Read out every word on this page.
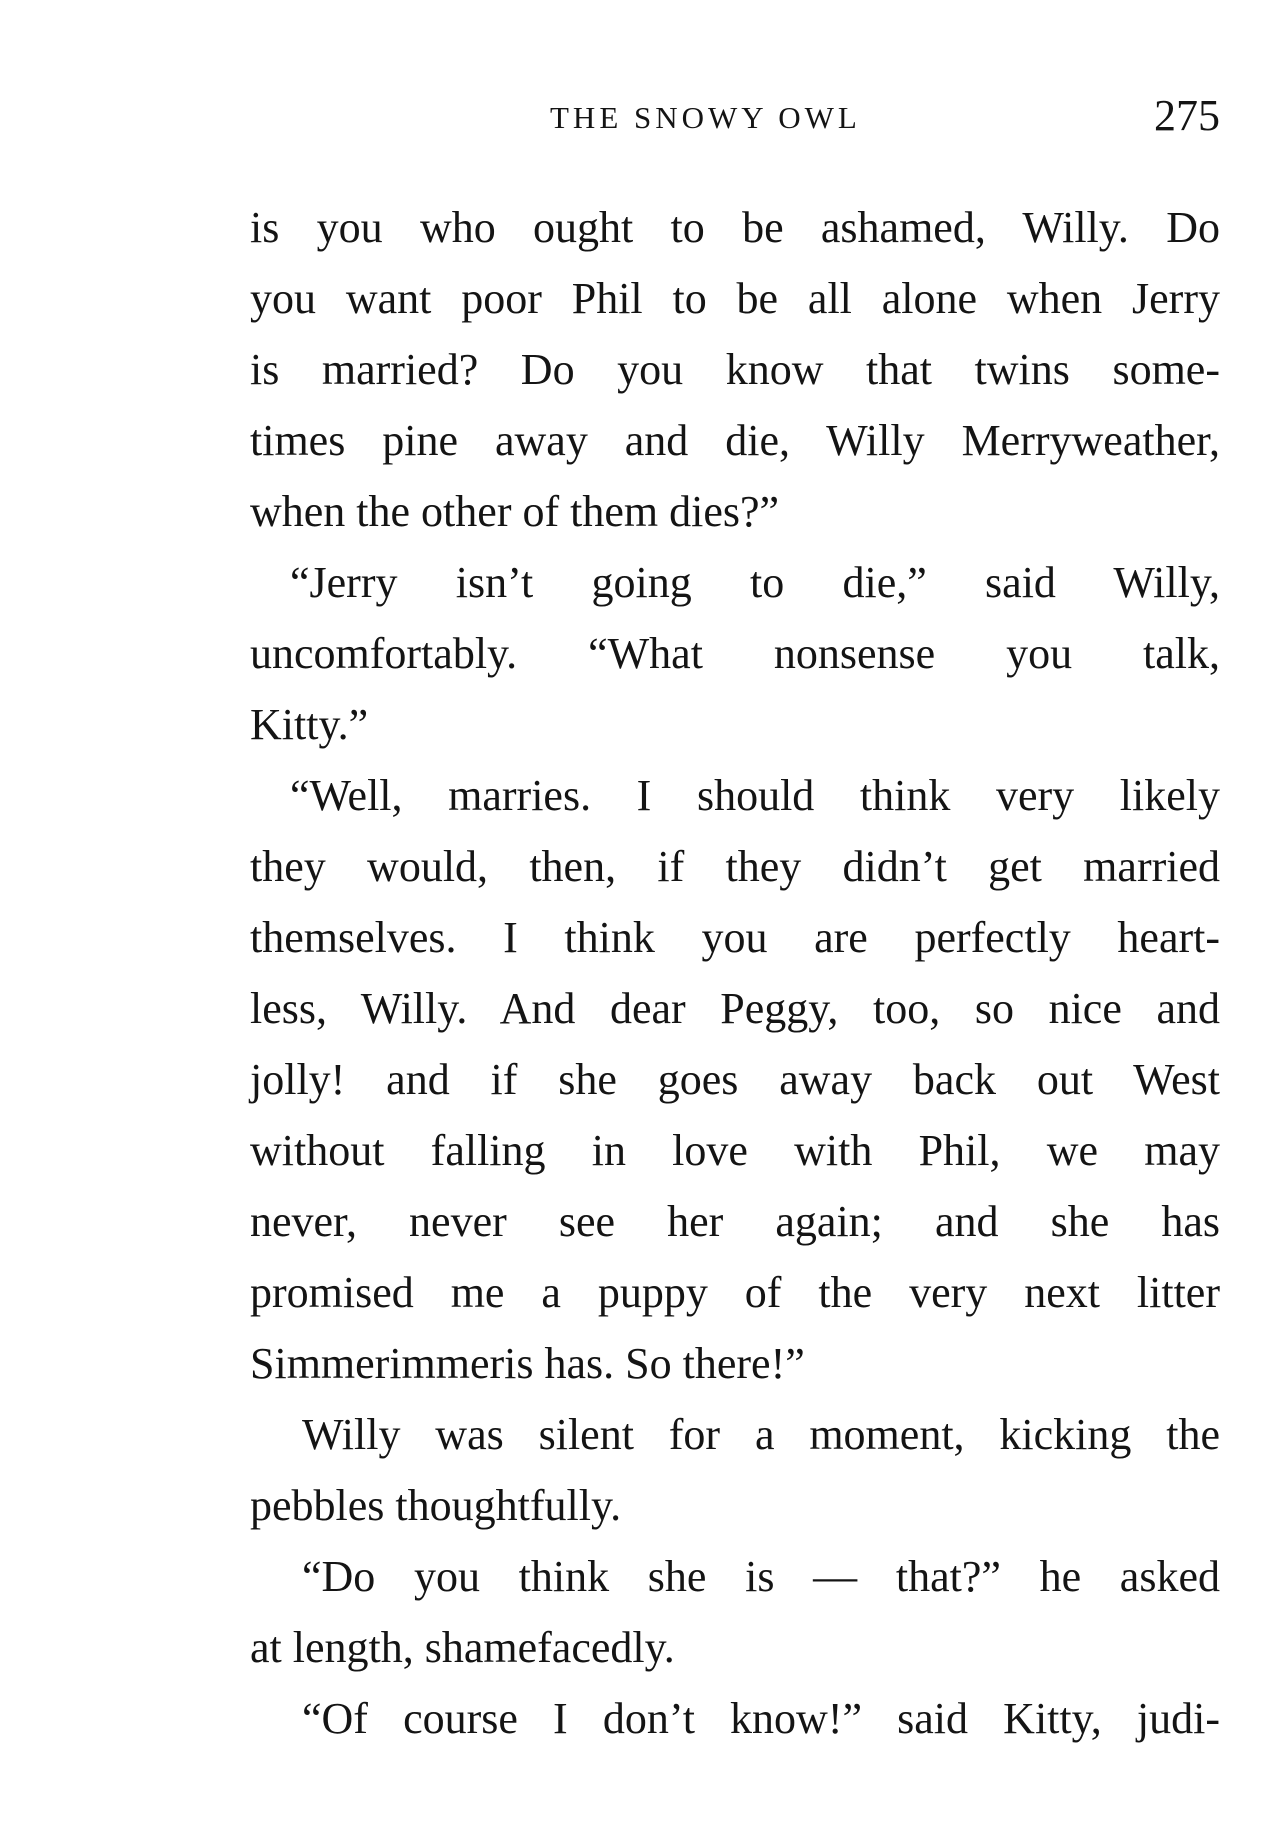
THE SNOWY OWL	275
is you who ought to be ashamed, Willy. Do
you want poor Phil to be all alone when Jerry
is married? Do you know that twins some-
times pine away and die, Willy Merryweather,
when the other of them dies?”
“Jerry isn’t going to die,” said Willy,
uncomfortably. “What nonsense you talk,
Kitty.”
“Well, marries. I should think very likely
they would, then, if they didn’t get married
themselves. I think you are perfectly heart-
less, Willy. And dear Peggy, too, so nice and
jolly! and if she goes away back out West
without falling in love with Phil, we may
never, never see her again; and she has
promised me a puppy of the very next litter
Simmerimmeris has. So there!”
Willy was silent for a moment, kicking the
pebbles thoughtfully.
“Do you think she is — that?” he asked
at length, shamefacedly.
“Of course I don’t know!” said Kitty, judi-
